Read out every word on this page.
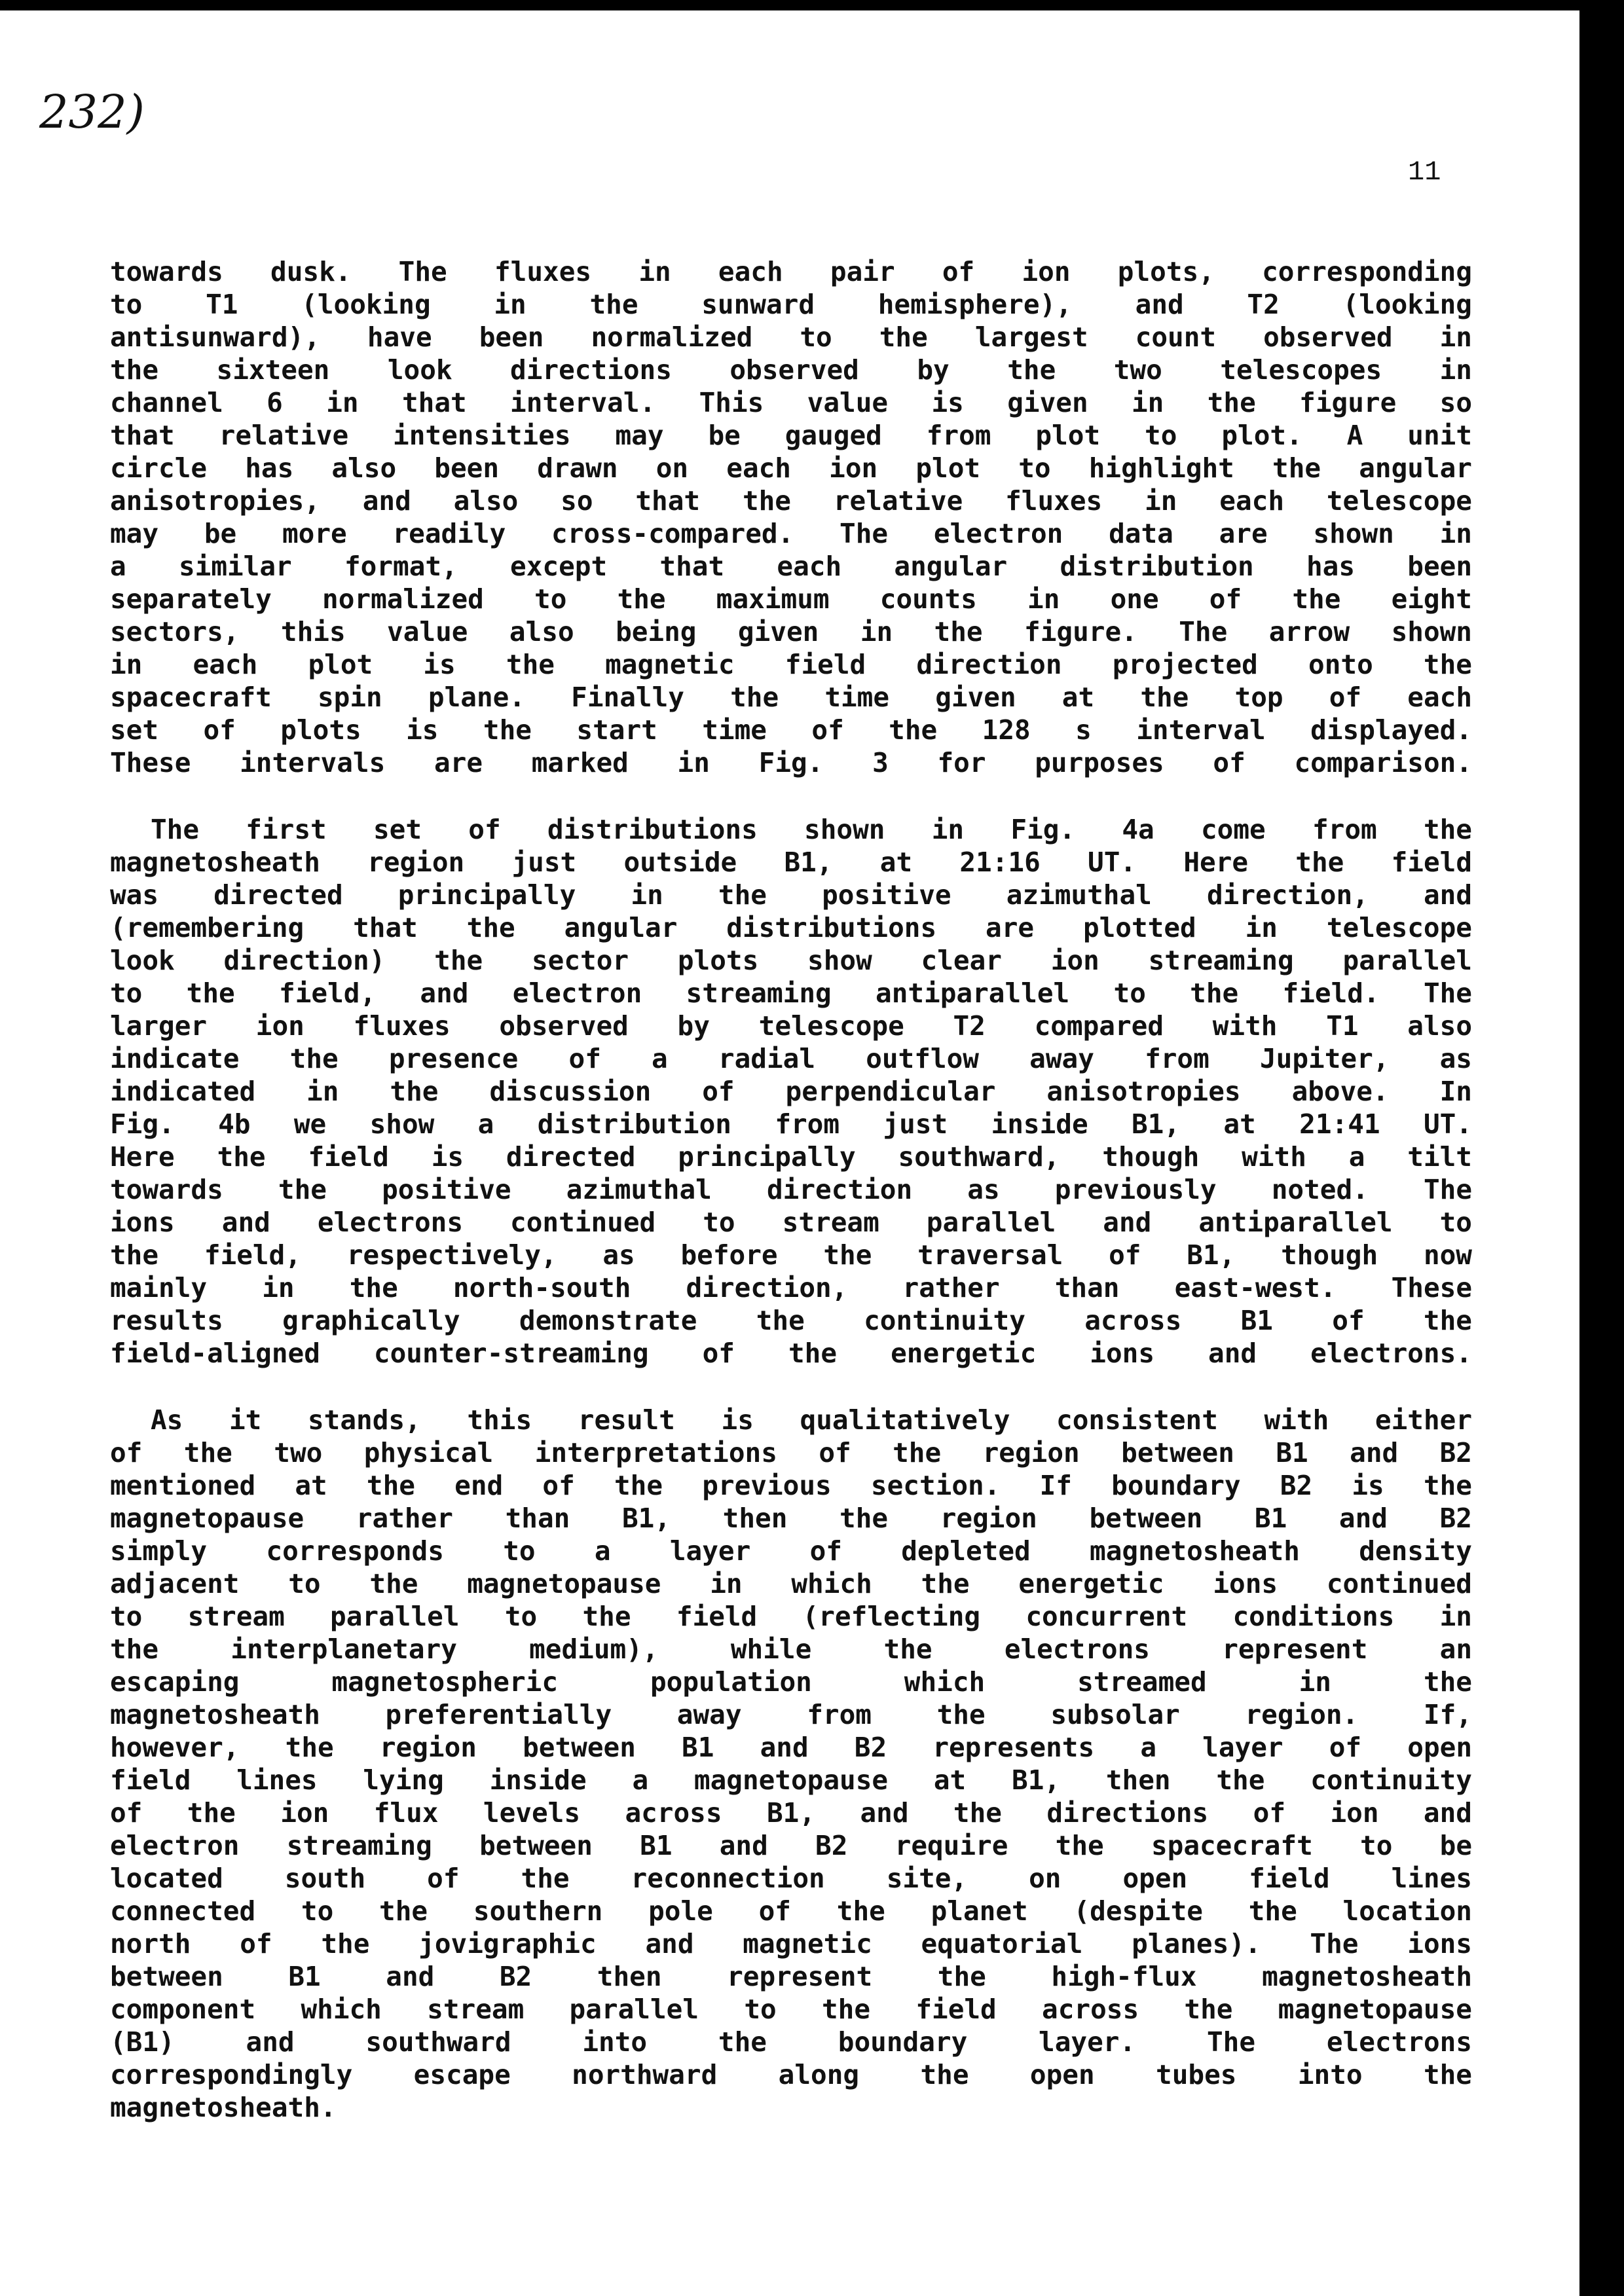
232)
11
towards dusk. The fluxes in each pair of ion plots, corresponding
to T1 (looking in the sunward hemisphere), and T2 (looking
antisunward), have been normalized to the largest count observed in
the sixteen look directions observed by the two telescopes in
channel 6 in that interval. This value is given in the figure so
that relative intensities may be gauged from plot to plot. A unit
circle has also been drawn on each ion plot to highlight the angular
anisotropies, and also so that the relative fluxes in each telescope
may be more readily cross-compared. The electron data are shown in
a similar format, except that each angular distribution has been
separately normalized to the maximum counts in one of the eight
sectors, this value also being given in the figure. The arrow shown
in each plot is the magnetic field direction projected onto the
spacecraft spin plane. Finally the time given at the top of each
set of plots is the start time of the 128 s interval displayed.
These intervals are marked in Fig. 3 for purposes of comparison.
The first set of distributions shown in Fig. 4a come from the
magnetosheath region just outside B1, at 21:16 UT. Here the field
was directed principally in the positive azimuthal direction, and
(remembering that the angular distributions are plotted in telescope
look direction) the sector plots show clear ion streaming parallel
to the field, and electron streaming antiparallel to the field. The
larger ion fluxes observed by telescope T2 compared with T1 also
indicate the presence of a radial outflow away from Jupiter, as
indicated in the discussion of perpendicular anisotropies above. In
Fig. 4b we show a distribution from just inside B1, at 21:41 UT.
Here the field is directed principally southward, though with a tilt
towards the positive azimuthal direction as previously noted. The
ions and electrons continued to stream parallel and antiparallel to
the field, respectively, as before the traversal of B1, though now
mainly in the north-south direction, rather than east-west. These
results graphically demonstrate the continuity across B1 of the
field-aligned counter-streaming of the energetic ions and electrons.
As it stands, this result is qualitatively consistent with either
of the two physical interpretations of the region between B1 and B2
mentioned at the end of the previous section. If boundary B2 is the
magnetopause rather than B1, then the region between B1 and B2
simply corresponds to a layer of depleted magnetosheath density
adjacent to the magnetopause in which the energetic ions continued
to stream parallel to the field (reflecting concurrent conditions in
the interplanetary medium), while the electrons represent an
escaping magnetospheric population which streamed in the
magnetosheath preferentially away from the subsolar region. If,
however, the region between B1 and B2 represents a layer of open
field lines lying inside a magnetopause at B1, then the continuity
of the ion flux levels across B1, and the directions of ion and
electron streaming between B1 and B2 require the spacecraft to be
located south of the reconnection site, on open field lines
connected to the southern pole of the planet (despite the location
north of the jovigraphic and magnetic equatorial planes). The ions
between B1 and B2 then represent the high-flux magnetosheath
component which stream parallel to the field across the magnetopause
(B1) and southward into the boundary layer. The electrons
correspondingly escape northward along the open tubes into the
magnetosheath.
